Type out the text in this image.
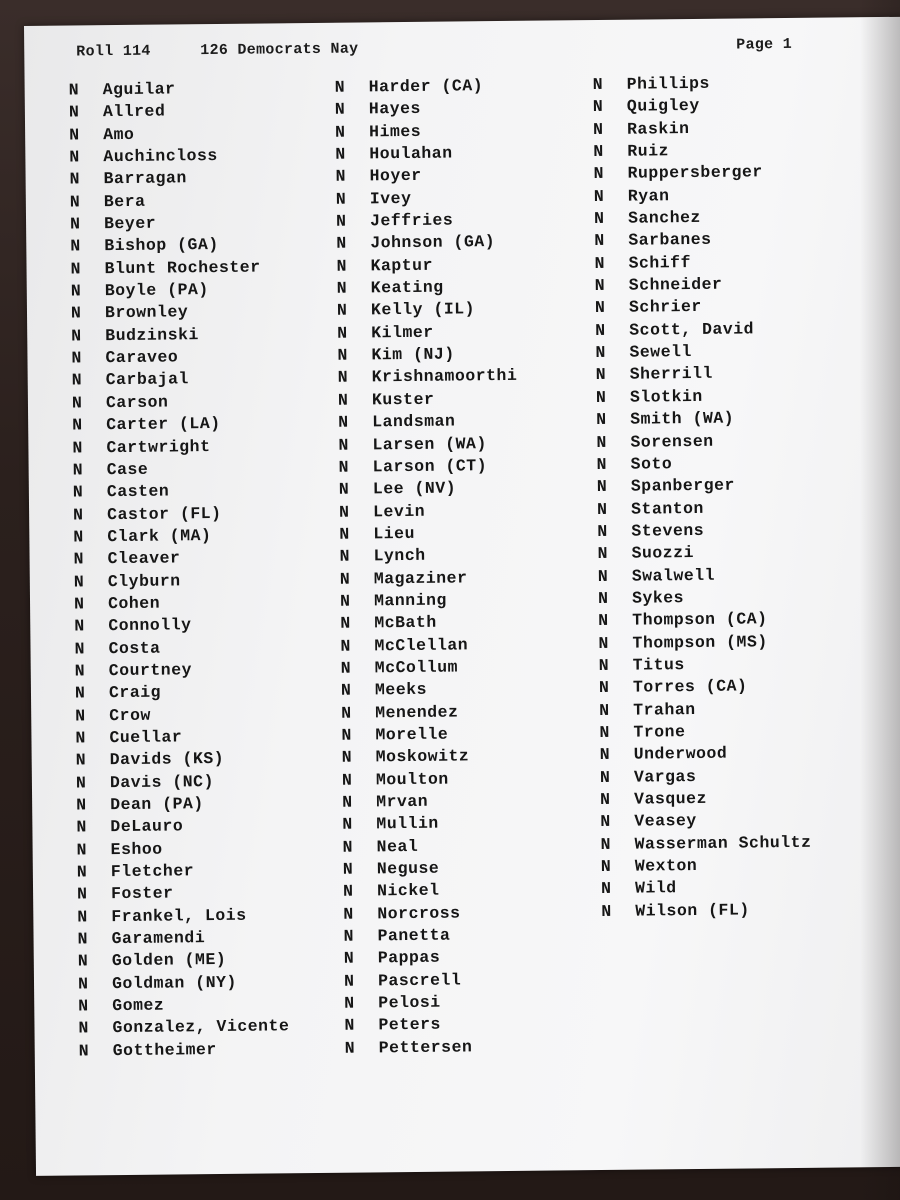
Roll 114	126 Democrats Nay	Page 1
N Aguilar
N Allred
N Amo
N Auchincloss
N Barragan
N Bera
N Beyer
N Bishop (GA)
N Blunt Rochester
N Boyle (PA)
N Brownley
N Budzinski
N Caraveo
N Carbajal
N Carson
N Carter (LA)
N Cartwright
N Case
N Casten
N Castor (FL)
N Clark (MA)
N Cleaver
N Clyburn
N Cohen
N Connolly
N Costa
N Courtney
N Craig
N Crow
N Cuellar
N Davids (KS)
N Davis (NC)
N Dean (PA)
N DeLauro
N Eshoo
N Fletcher
N Foster
N Frankel, Lois
N Garamendi
N Golden (ME)
N Goldman (NY)
N Gomez
N Gonzalez, Vicente
N Gottheimer
N Harder (CA)
N Hayes
N Himes
N Houlahan
N Hoyer
N Ivey
N Jeffries
N Johnson (GA)
N Kaptur
N Keating
N Kelly (IL)
N Kilmer
N Kim (NJ)
N Krishnamoorthi
N Kuster
N Landsman
N Larsen (WA)
N Larson (CT)
N Lee (NV)
N Levin
N Lieu
N Lynch
N Magaziner
N Manning
N McBath
N McClellan
N McCollum
N Meeks
N Menendez
N Morelle
N Moskowitz
N Moulton
N Mrvan
N Mullin
N Neal
N Neguse
N Nickel
N Norcross
N Panetta
N Pappas
N Pascrell
N Pelosi
N Peters
N Pettersen
N Phillips
N Quigley
N Raskin
N Ruiz
N Ruppersberger
N Ryan
N Sanchez
N Sarbanes
N Schiff
N Schneider
N Schrier
N Scott, David
N Sewell
N Sherrill
N Slotkin
N Smith (WA)
N Sorensen
N Soto
N Spanberger
N Stanton
N Stevens
N Suozzi
N Swalwell
N Sykes
N Thompson (CA)
N Thompson (MS)
N Titus
N Torres (CA)
N Trahan
N Trone
N Underwood
N Vargas
N Vasquez
N Veasey
N Wasserman Schultz
N Wexton
N Wild
N Wilson (FL)
